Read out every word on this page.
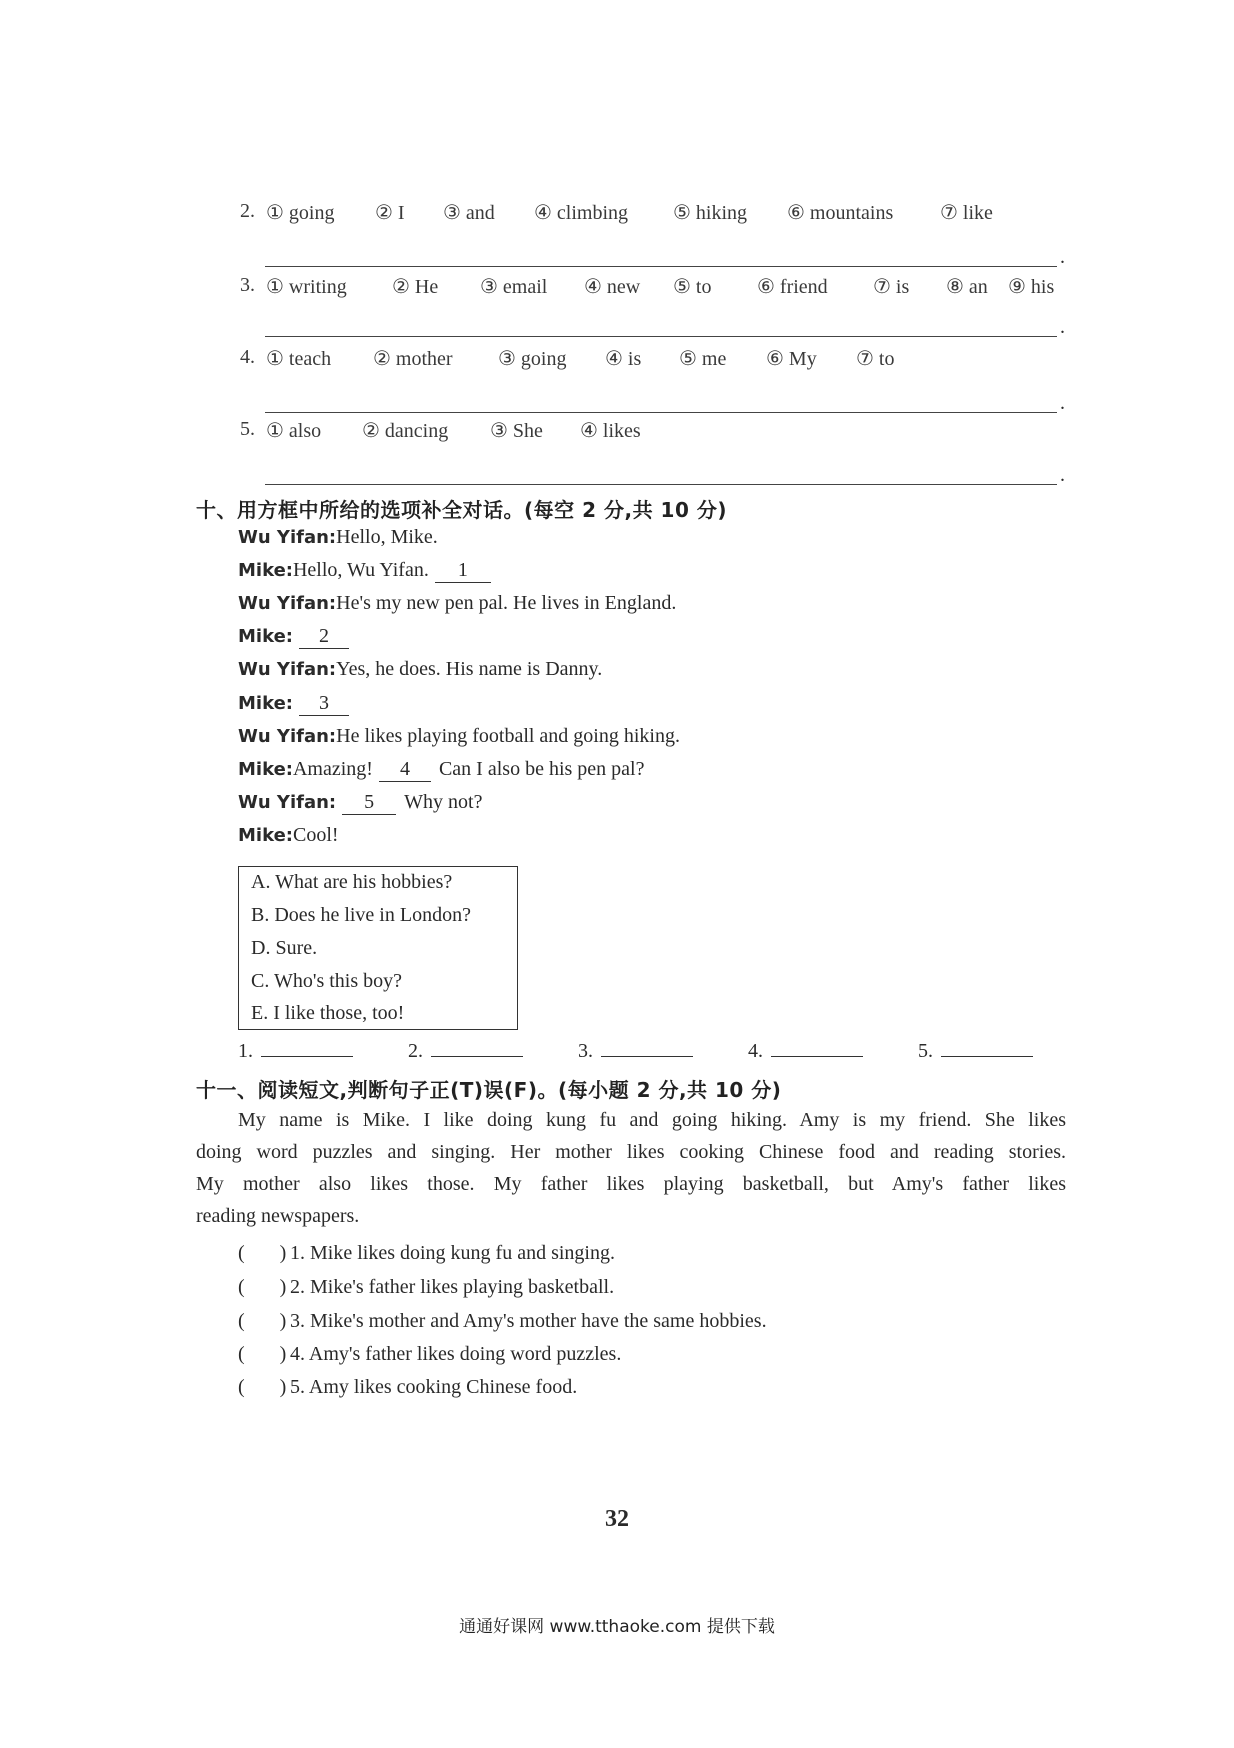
2. ① going ② I ③ and ④ climbing ⑤ hiking ⑥ mountains ⑦ like
.
3. ① writing ② He ③ email ④ new ⑤ to ⑥ friend ⑦ is ⑧ an ⑨ his
.
4. ① teach ② mother ③ going ④ is ⑤ me ⑥ My ⑦ to
.
5. ① also ② dancing ③ She ④ likes
.
十、用方框中所给的选项补全对话。(每空 2 分,共 10 分)
Wu Yifan:Hello, Mike.
Mike:Hello, Wu Yifan. 1
Wu Yifan:He's my new pen pal. He lives in England.
Mike: 2
Wu Yifan:Yes, he does. His name is Danny.
Mike: 3
Wu Yifan:He likes playing football and going hiking.
Mike:Amazing! 4 Can I also be his pen pal?
Wu Yifan: 5 Why not?
Mike:Cool!
A. What are his hobbies?
B. Does he live in London?
D. Sure.
C. Who's this boy?
E. I like those, too!
1.	2.	3.	4.	5.
十一、阅读短文,判断句子正(T)误(F)。(每小题 2 分,共 10 分)

My name is Mike. I like doing kung fu and going hiking. Amy is my friend. She likes

doing word puzzles and singing. Her mother likes cooking Chinese food and reading stories.

My mother also likes those. My father likes playing basketball, but Amy's father likes

reading newspapers.

(       ) 1. Mike likes doing kung fu and singing.
(       ) 2. Mike's father likes playing basketball.
(       ) 3. Mike's mother and Amy's mother have the same hobbies.
(       ) 4. Amy's father likes doing word puzzles.
(       ) 5. Amy likes cooking Chinese food.
32
通通好课网 www.tthaoke.com 提供下载
